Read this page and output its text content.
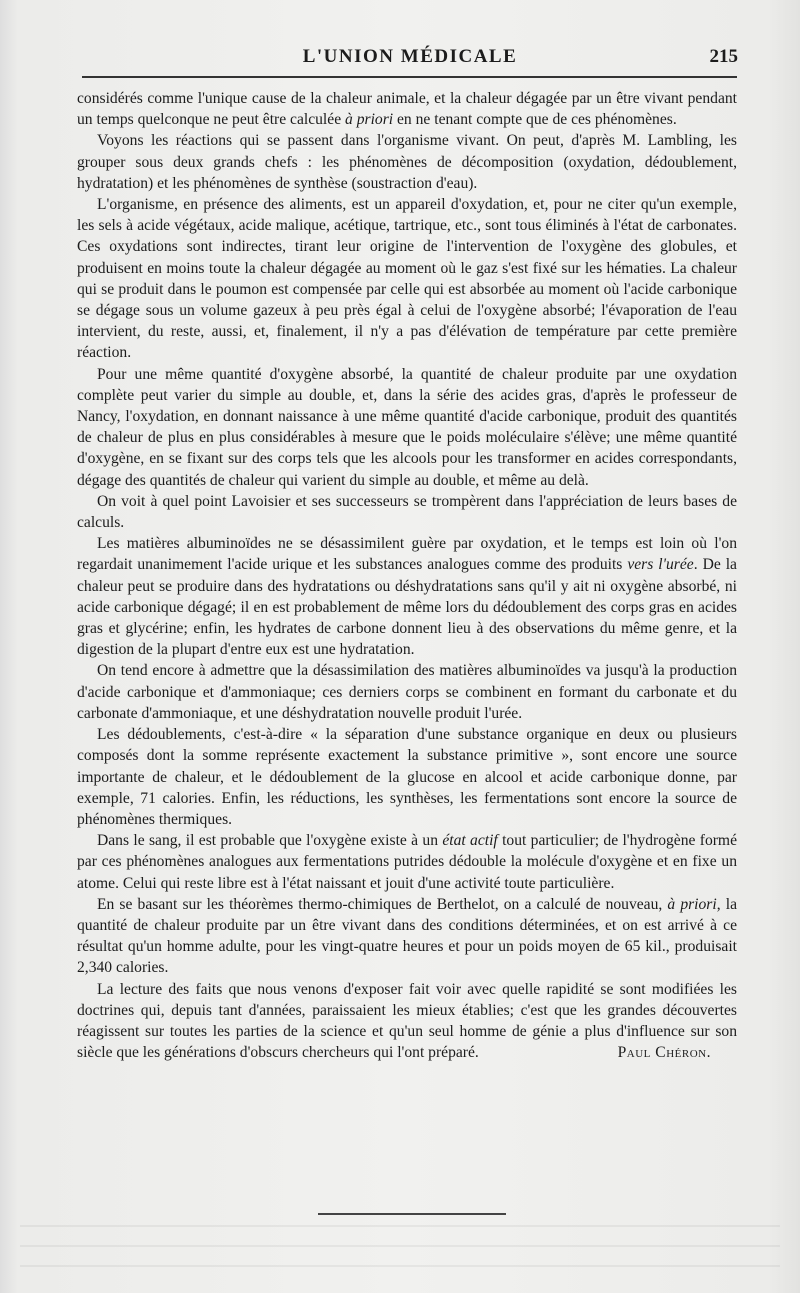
L'UNION MÉDICALE	215

considérés comme l'unique cause de la chaleur animale, et la chaleur dégagée par un être vivant pendant un temps quelconque ne peut être calculée à priori en ne tenant compte que de ces phénomènes.

Voyons les réactions qui se passent dans l'organisme vivant. On peut, d'après M. Lambling, les grouper sous deux grands chefs : les phénomènes de décomposition (oxydation, dédoublement, hydratation) et les phénomènes de synthèse (soustraction d'eau).

L'organisme, en présence des aliments, est un appareil d'oxydation, et, pour ne citer qu'un exemple, les sels à acide végétaux, acide malique, acétique, tartrique, etc., sont tous éliminés à l'état de carbonates. Ces oxydations sont indirectes, tirant leur origine de l'intervention de l'oxygène des globules, et produisent en moins toute la chaleur dégagée au moment où le gaz s'est fixé sur les hématies. La chaleur qui se produit dans le poumon est compensée par celle qui est absorbée au moment où l'acide carbonique se dégage sous un volume gazeux à peu près égal à celui de l'oxygène absorbé; l'évaporation de l'eau intervient, du reste, aussi, et, finalement, il n'y a pas d'élévation de température par cette première réaction.

Pour une même quantité d'oxygène absorbé, la quantité de chaleur produite par une oxydation complète peut varier du simple au double, et, dans la série des acides gras, d'après le professeur de Nancy, l'oxydation, en donnant naissance à une même quantité d'acide carbonique, produit des quantités de chaleur de plus en plus considérables à mesure que le poids moléculaire s'élève; une même quantité d'oxygène, en se fixant sur des corps tels que les alcools pour les transformer en acides correspondants, dégage des quantités de chaleur qui varient du simple au double, et même au delà.

On voit à quel point Lavoisier et ses successeurs se trompèrent dans l'appréciation de leurs bases de calculs.

Les matières albuminoïdes ne se désassimilent guère par oxydation, et le temps est loin où l'on regardait unanimement l'acide urique et les substances analogues comme des produits vers l'urée. De la chaleur peut se produire dans des hydratations ou déshydratations sans qu'il y ait ni oxygène absorbé, ni acide carbonique dégagé; il en est probablement de même lors du dédoublement des corps gras en acides gras et glycérine; enfin, les hydrates de carbone donnent lieu à des observations du même genre, et la digestion de la plupart d'entre eux est une hydratation.

On tend encore à admettre que la désassimilation des matières albuminoïdes va jusqu'à la production d'acide carbonique et d'ammoniaque; ces derniers corps se combinent en formant du carbonate et du carbonate d'ammoniaque, et une déshydratation nouvelle produit l'urée.

Les dédoublements, c'est-à-dire « la séparation d'une substance organique en deux ou plusieurs composés dont la somme représente exactement la substance primitive », sont encore une source importante de chaleur, et le dédoublement de la glucose en alcool et acide carbonique donne, par exemple, 71 calories. Enfin, les réductions, les synthèses, les fermentations sont encore la source de phénomènes thermiques.

Dans le sang, il est probable que l'oxygène existe à un état actif tout particulier; de l'hydrogène formé par ces phénomènes analogues aux fermentations putrides dédouble la molécule d'oxygène et en fixe un atome. Celui qui reste libre est à l'état naissant et jouit d'une activité toute particulière.

En se basant sur les théorèmes thermo-chimiques de Berthelot, on a calculé de nouveau, à priori, la quantité de chaleur produite par un être vivant dans des conditions déterminées, et on est arrivé à ce résultat qu'un homme adulte, pour les vingt-quatre heures et pour un poids moyen de 65 kil., produisait 2,340 calories.

La lecture des faits que nous venons d'exposer fait voir avec quelle rapidité se sont modifiées les doctrines qui, depuis tant d'années, paraissaient les mieux établies; c'est que les grandes découvertes réagissent sur toutes les parties de la science et qu'un seul homme de génie a plus d'influence sur son siècle que les générations d'obscurs chercheurs qui l'ont préparé.	Paul Chéron.
